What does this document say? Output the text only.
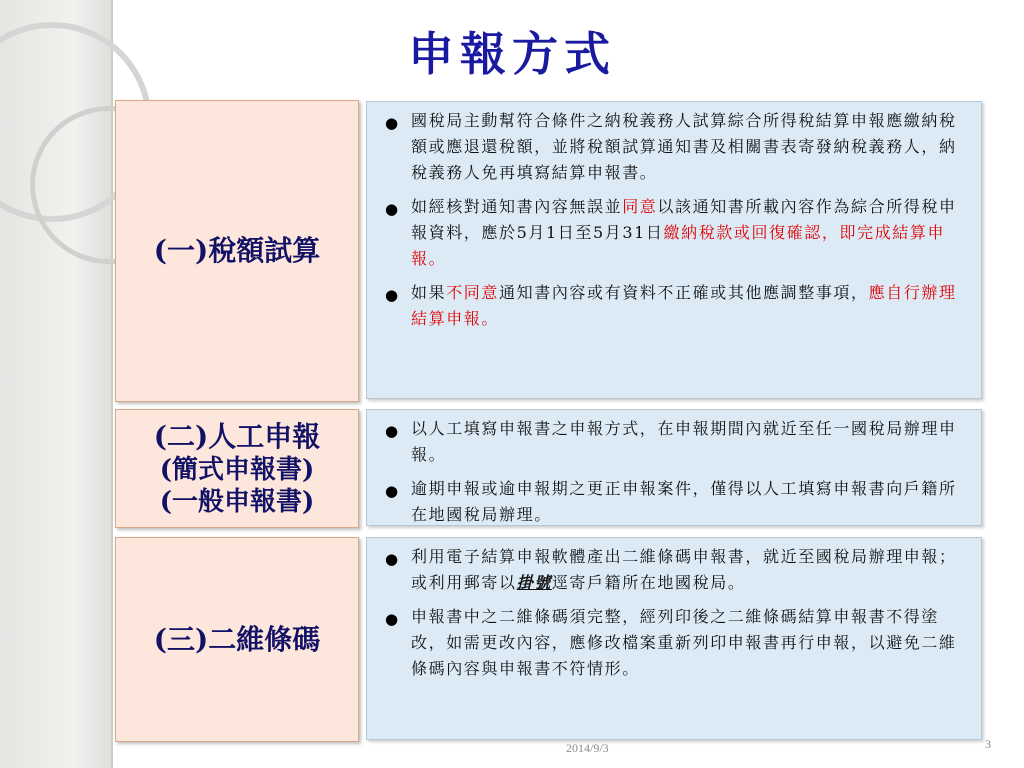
申報方式
(一)稅額試算
● 國稅局主動幫符合條件之納稅義務人試算綜合所得稅結算申報應繳納稅額或應退還稅額，並將稅額試算通知書及相關書表寄發納稅義務人，納稅義務人免再填寫結算申報書。
● 如經核對通知書內容無誤並同意以該通知書所載內容作為綜合所得稅申報資料，應於5月1日至5月31日繳納稅款或回復確認，即完成結算申報。
● 如果不同意通知書內容或有資料不正確或其他應調整事項，應自行辦理結算申報。
(二)人工申報
(簡式申報書)
(一般申報書)
● 以人工填寫申報書之申報方式，在申報期間內就近至任一國稅局辦理申報。
● 逾期申報或逾申報期之更正申報案件，僅得以人工填寫申報書向戶籍所在地國稅局辦理。
(三)二維條碼
● 利用電子結算申報軟體產出二維條碼申報書，就近至國稅局辦理申報；或利用郵寄以掛號逕寄戶籍所在地國稅局。
● 申報書中之二維條碼須完整，經列印後之二維條碼結算申報書不得塗改，如需更改內容，應修改檔案重新列印申報書再行申報，以避免二維條碼內容與申報書不符情形。
2014/9/3	3
